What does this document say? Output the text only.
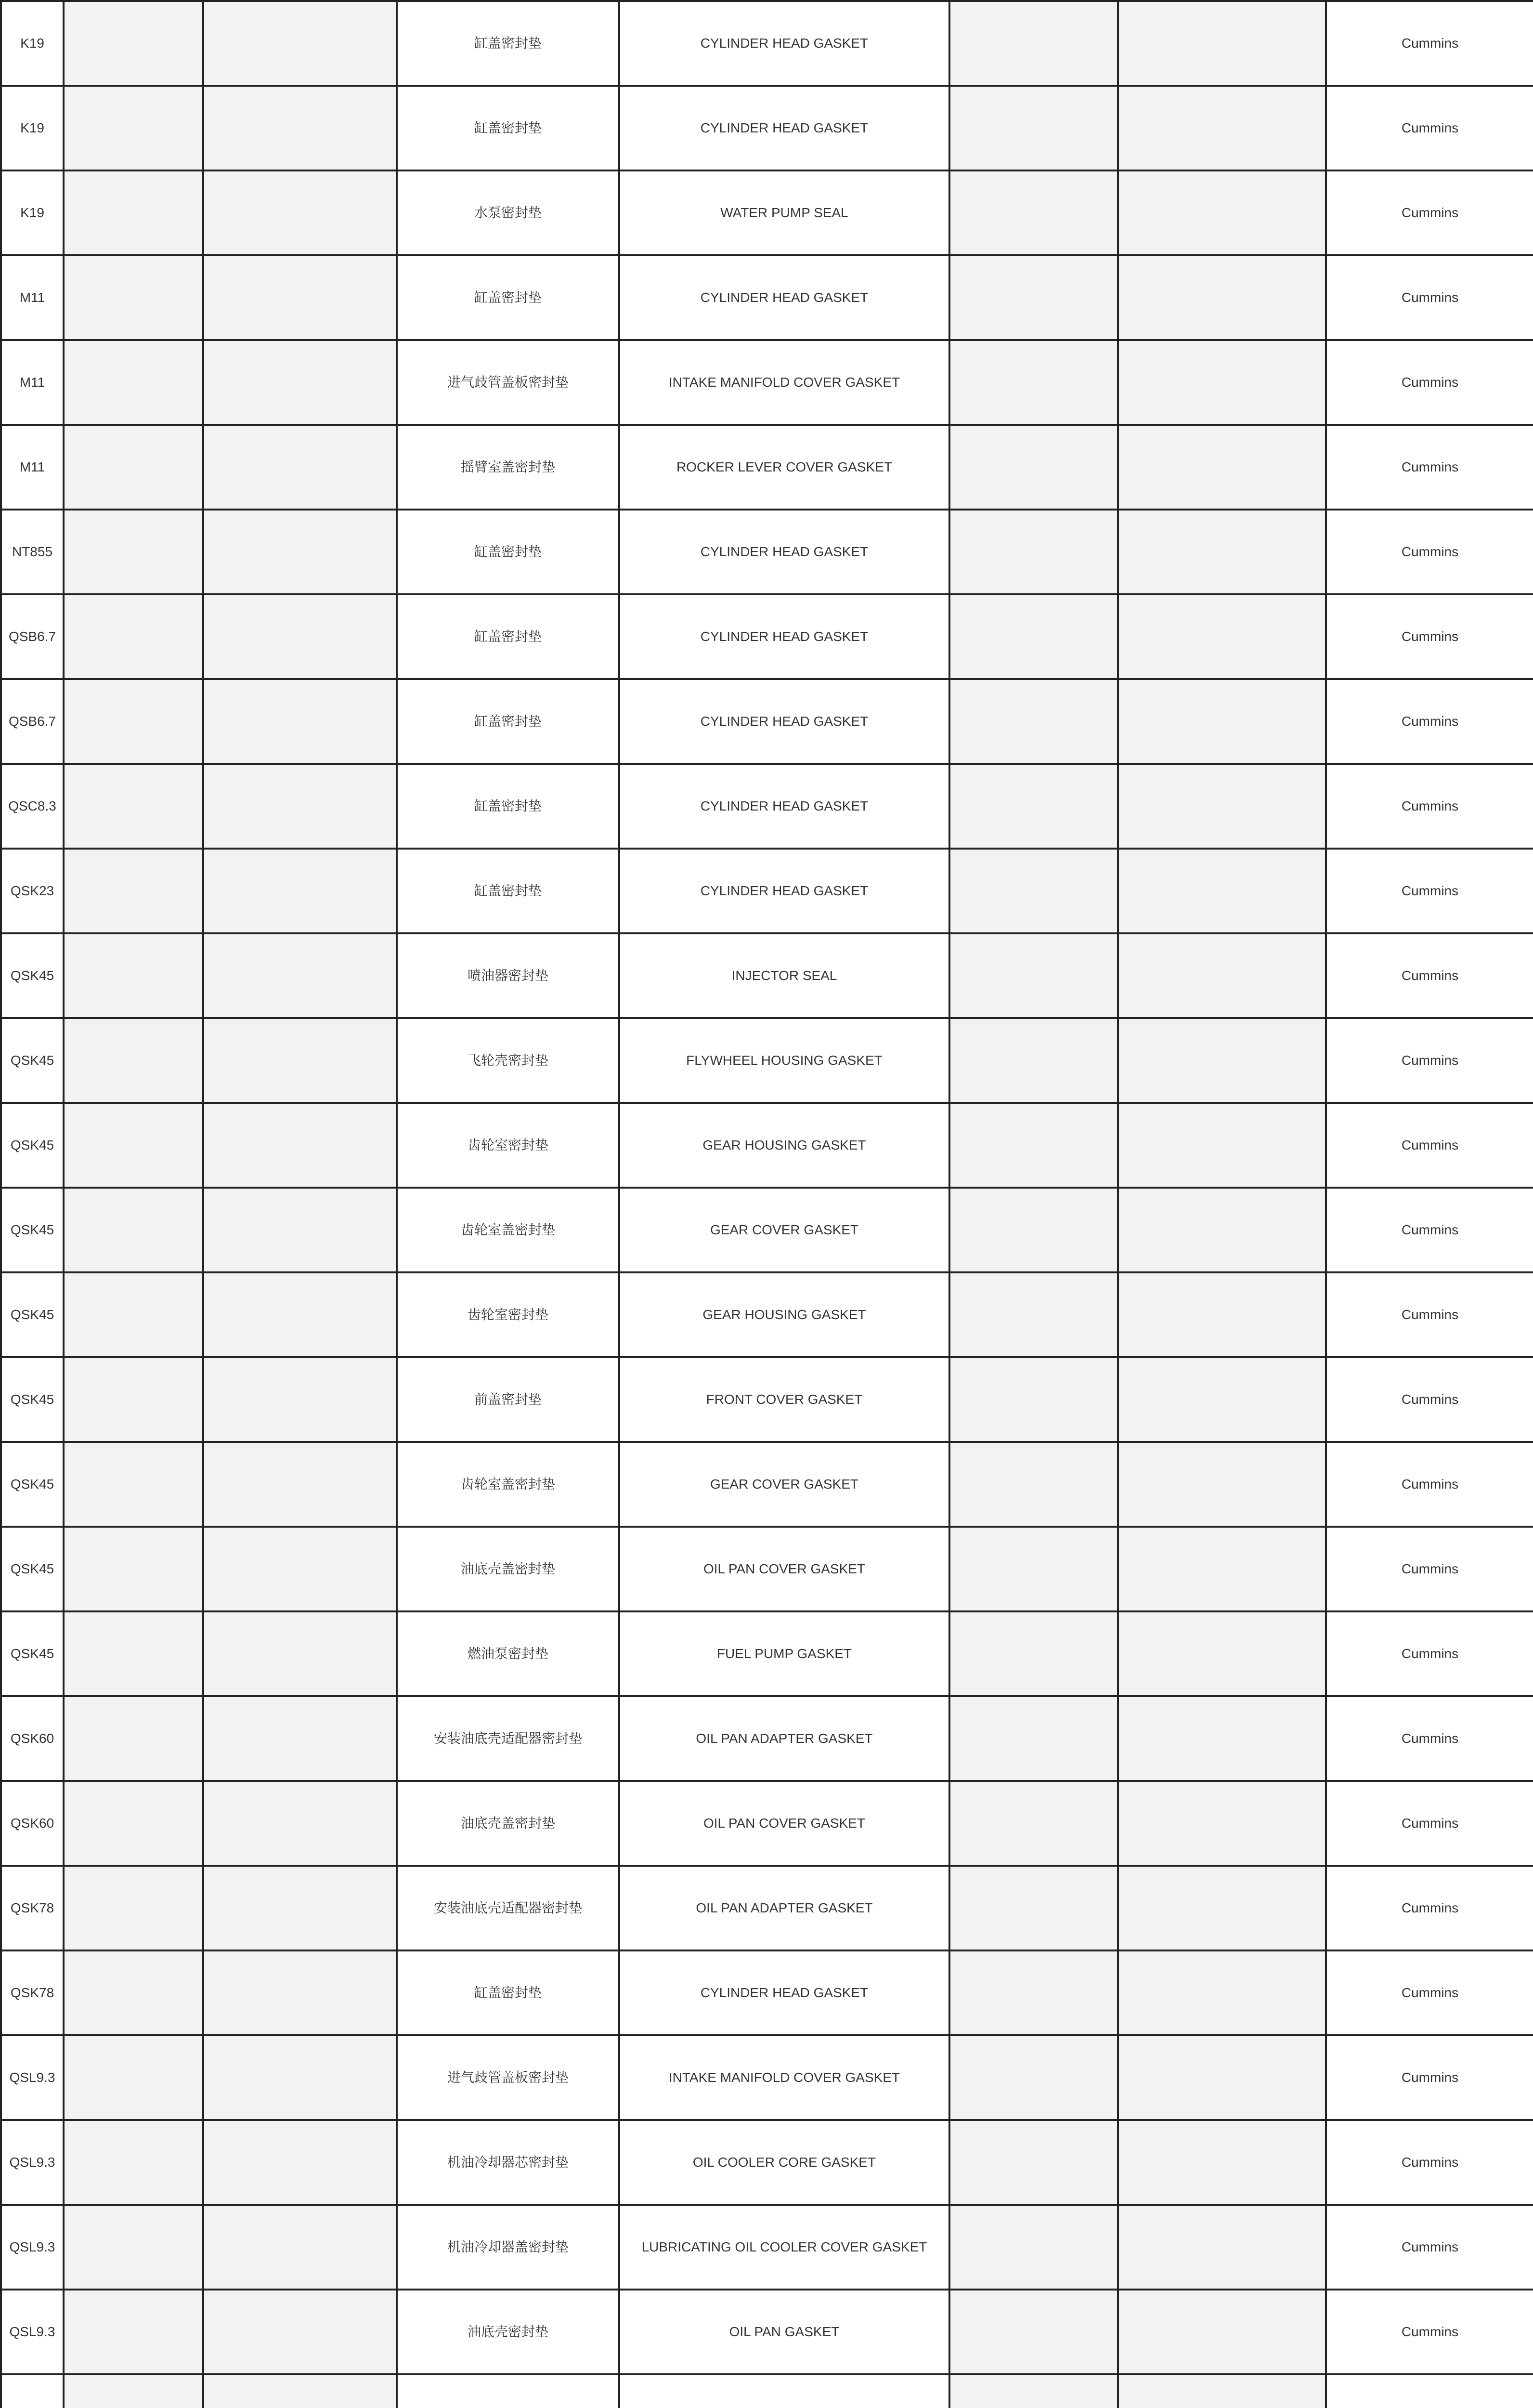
K19			缸盖密封垫	CYLINDER HEAD GASKET			Cummins
K19			缸盖密封垫	CYLINDER HEAD GASKET			Cummins
K19			水泵密封垫	WATER PUMP SEAL			Cummins
M11			缸盖密封垫	CYLINDER HEAD GASKET			Cummins
M11			进气歧管盖板密封垫	INTAKE MANIFOLD COVER GASKET			Cummins
M11			摇臂室盖密封垫	ROCKER LEVER COVER GASKET			Cummins
NT855			缸盖密封垫	CYLINDER HEAD GASKET			Cummins
QSB6.7			缸盖密封垫	CYLINDER HEAD GASKET			Cummins
QSB6.7			缸盖密封垫	CYLINDER HEAD GASKET			Cummins
QSC8.3			缸盖密封垫	CYLINDER HEAD GASKET			Cummins
QSK23			缸盖密封垫	CYLINDER HEAD GASKET			Cummins
QSK45			喷油器密封垫	INJECTOR SEAL			Cummins
QSK45			飞轮壳密封垫	FLYWHEEL HOUSING GASKET			Cummins
QSK45			齿轮室密封垫	GEAR HOUSING GASKET			Cummins
QSK45			齿轮室盖密封垫	GEAR COVER GASKET			Cummins
QSK45			齿轮室密封垫	GEAR HOUSING GASKET			Cummins
QSK45			前盖密封垫	FRONT COVER GASKET			Cummins
QSK45			齿轮室盖密封垫	GEAR COVER GASKET			Cummins
QSK45			油底壳盖密封垫	OIL PAN COVER GASKET			Cummins
QSK45			燃油泵密封垫	FUEL PUMP GASKET			Cummins
QSK60			安装油底壳适配器密封垫	OIL PAN ADAPTER GASKET			Cummins
QSK60			油底壳盖密封垫	OIL PAN COVER GASKET			Cummins
QSK78			安装油底壳适配器密封垫	OIL PAN ADAPTER GASKET			Cummins
QSK78			缸盖密封垫	CYLINDER HEAD GASKET			Cummins
QSL9.3			进气歧管盖板密封垫	INTAKE MANIFOLD COVER GASKET			Cummins
QSL9.3			机油冷却器芯密封垫	OIL COOLER CORE GASKET			Cummins
QSL9.3			机油冷却器盖密封垫	LUBRICATING OIL COOLER COVER GASKET			Cummins
QSL9.3			油底壳密封垫	OIL PAN GASKET			Cummins
